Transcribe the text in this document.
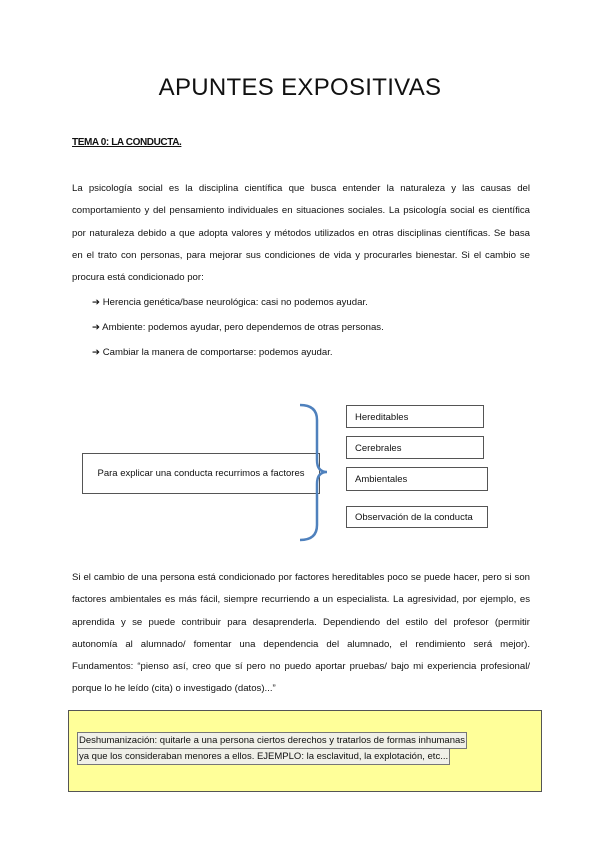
APUNTES EXPOSITIVAS
TEMA 0: LA CONDUCTA.
La psicología social es la disciplina científica que busca entender la naturaleza y las causas del comportamiento y del pensamiento individuales en situaciones sociales. La psicología social es científica por naturaleza debido a que adopta valores y métodos utilizados en otras disciplinas científicas. Se basa en el trato con personas, para mejorar sus condiciones de vida y procurarles bienestar. Si el cambio se procura está condicionado por:
➔ Herencia genética/base neurológica: casi no podemos ayudar.
➔ Ambiente: podemos ayudar, pero dependemos de otras personas.
➔ Cambiar la manera de comportarse: podemos ayudar.
Para explicar una conducta recurrimos a factores
Hereditables
Cerebrales
Ambientales
Observación de la conducta
Si el cambio de una persona está condicionado por factores hereditables poco se puede hacer, pero si son factores ambientales es más fácil, siempre recurriendo a un especialista. La agresividad, por ejemplo, es aprendida y se puede contribuir para desaprenderla. Dependiendo del estilo del profesor (permitir autonomía al alumnado/ fomentar una dependencia del alumnado, el rendimiento será mejor). Fundamentos: “pienso así, creo que sí pero no puedo aportar pruebas/ bajo mi experiencia profesional/ porque lo he leído (cita) o investigado (datos)...”
Deshumanización: quitarle a una persona ciertos derechos y tratarlos de formas inhumanas
ya que los consideraban menores a ellos. EJEMPLO: la esclavitud, la explotación, etc...
